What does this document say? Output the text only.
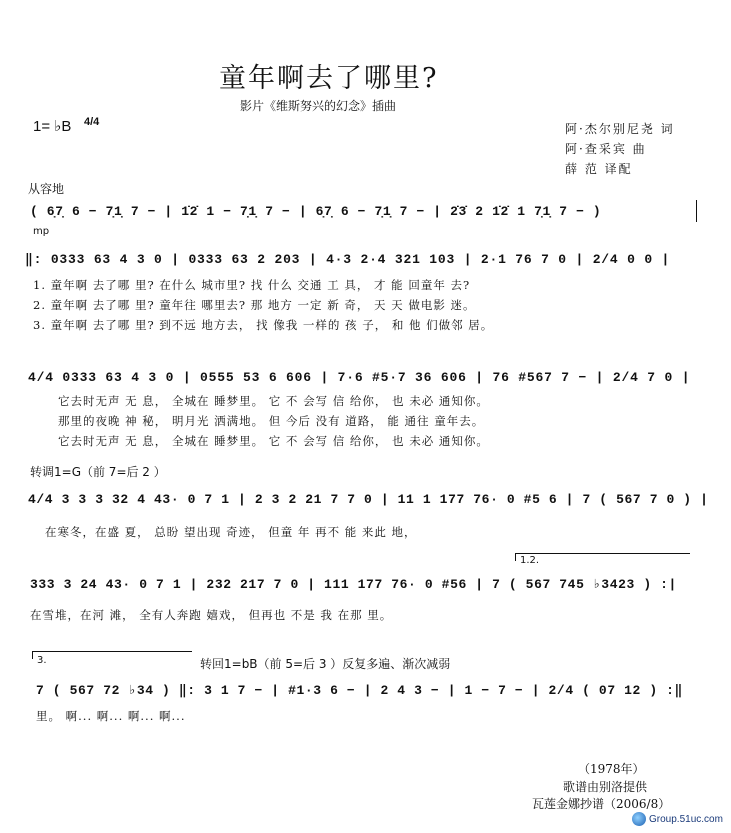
童年啊去了哪里?
影片《维斯努兴的幻念》插曲
1= ♭B 4/4	阿·杰尔别尼尧 词
阿·查采宾 曲
薛 范 译配
从容地
( 6̣7̣ 6 − 7̣1̣ 7 − | 1̇2̇ 1 − 7̣1̣ 7 − | 6̣7̣ 6 − 7̣1̣ 7 − | 2̇3̇ 2 1̇2̇ 1 7̣1̣ 7 − )
mp
‖: 0333 63 4 3 0 | 0333 63 2 203 | 4·3 2·4 321 103 | 2·1 76 7 0 | 2/4 0 0 |
1. 童年啊 去了哪 里? 在什么 城市里? 找 什么 交通 工 具， 才 能 回童年 去?
2. 童年啊 去了哪 里? 童年往 哪里去? 那 地方 一定 新 奇， 天 天 做电影 迷。
3. 童年啊 去了哪 里? 到不远 地方去， 找 像我 一样的 孩 子， 和 他 们做邻 居。
4/4 0333 63 4 3 0 | 0555 53 6 606 | 7·6 #5·7 36 606 | 76 #567 7 − | 2/4 7 0 |
它去时无声 无 息， 全城在 睡梦里。 它 不 会写 信 给你， 也 未必 通知你。
那里的夜晚 神 秘， 明月光 洒满地。 但 今后 没有 道路， 能 通往 童年去。
它去时无声 无 息， 全城在 睡梦里。 它 不 会写 信 给你， 也 未必 通知你。
转调1=G（前 7=后 2 ）
4/4 3 3 3 32 4 43· 0 7 1 | 2 3 2 21 7 7 0 | 11 1 177 76· 0 #5 6 | 7 ( 567 7 0 ) |
在寒冬，在盛 夏， 总盼 望出现 奇迹， 但童 年 再不 能 来此 地，
1.2.
333 3 24 43· 0 7 1 | 232 217 7 0 | 111 177 76· 0 #56 | 7 ( 567 745 ♭3423 ) :|
在雪堆，在河 滩， 全有人奔跑 嬉戏， 但再也 不是 我 在那 里。
3.	转回1=bB（前 5=后 3 ）反复多遍、渐次减弱
7 ( 567 72 ♭34 ) ‖: 3 1 7 − | #1·3 6 − | 2 4 3 − | 1 − 7 − | 2/4 ( 07 12 ) :‖
里。 啊... 啊... 啊... 啊...
（1978年）
歌谱由别洛提供
瓦莲金娜抄谱（2006/8）
Group.51uc.com
